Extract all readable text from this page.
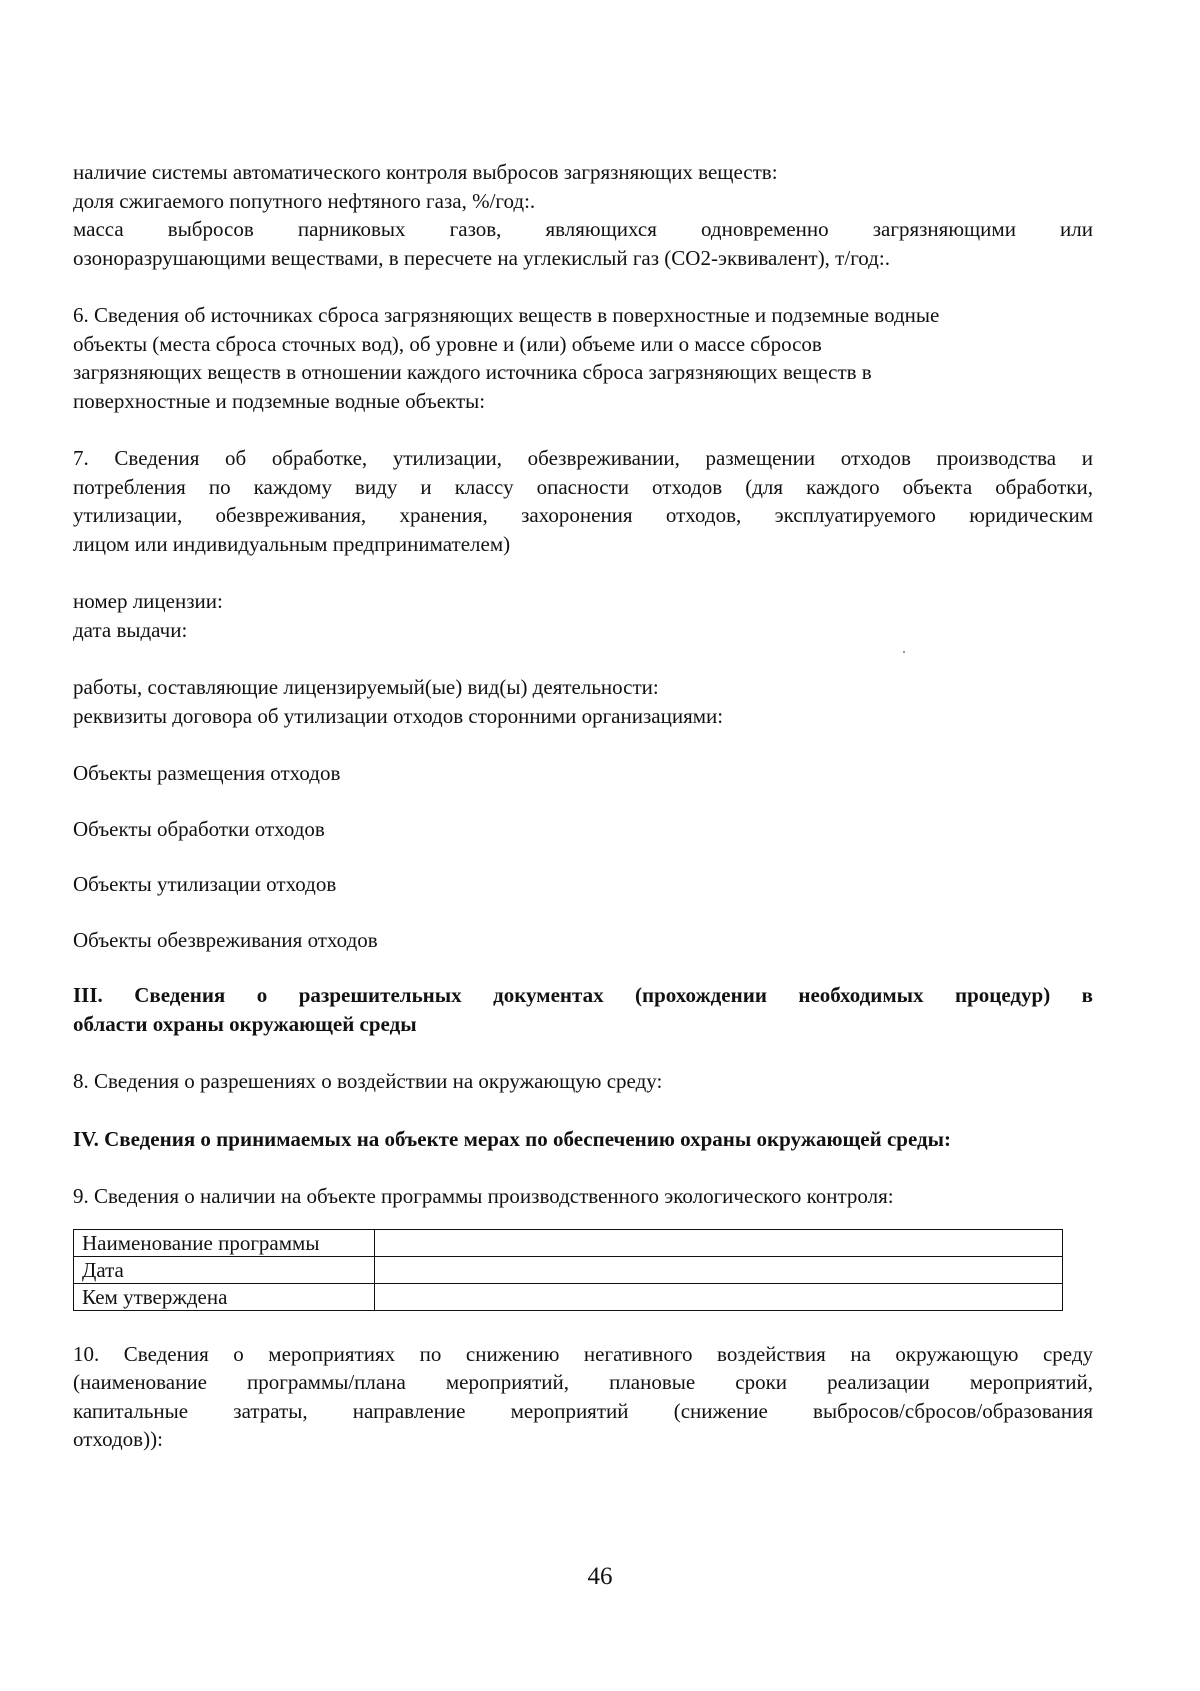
наличие системы автоматического контроля выбросов загрязняющих веществ:
доля сжигаемого попутного нефтяного газа, %/год:.
масса выбросов парниковых газов, являющихся одновременно загрязняющими или
озоноразрушающими веществами, в пересчете на углекислый газ (СО2-эквивалент), т/год:.
6. Сведения об источниках сброса загрязняющих веществ в поверхностные и подземные водные
объекты (места сброса сточных вод), об уровне и (или) объеме или о массе сбросов
загрязняющих веществ в отношении каждого источника сброса загрязняющих веществ в
поверхностные и подземные водные объекты:
7. Сведения об обработке, утилизации, обезвреживании, размещении отходов производства и
потребления по каждому виду и классу опасности отходов (для каждого объекта обработки,
утилизации, обезвреживания, хранения, захоронения отходов, эксплуатируемого юридическим
лицом или индивидуальным предпринимателем)
номер лицензии:
дата выдачи:
работы, составляющие лицензируемый(ые) вид(ы) деятельности:
реквизиты договора об утилизации отходов сторонними организациями:
Объекты размещения отходов
Объекты обработки отходов
Объекты утилизации отходов
Объекты обезвреживания отходов
III. Сведения о разрешительных документах (прохождении необходимых процедур) в
области охраны окружающей среды
8. Сведения о разрешениях о воздействии на окружающую среду:
IV. Сведения о принимаемых на объекте мерах по обеспечению охраны окружающей среды:
9. Сведения о наличии на объекте программы производственного экологического контроля:
Наименование программы	
Дата	
Кем утверждена	
10. Сведения о мероприятиях по снижению негативного воздействия на окружающую среду
(наименование программы/плана мероприятий, плановые сроки реализации мероприятий,
капитальные затраты, направление мероприятий (снижение выбросов/сбросов/образования
отходов)):
46
